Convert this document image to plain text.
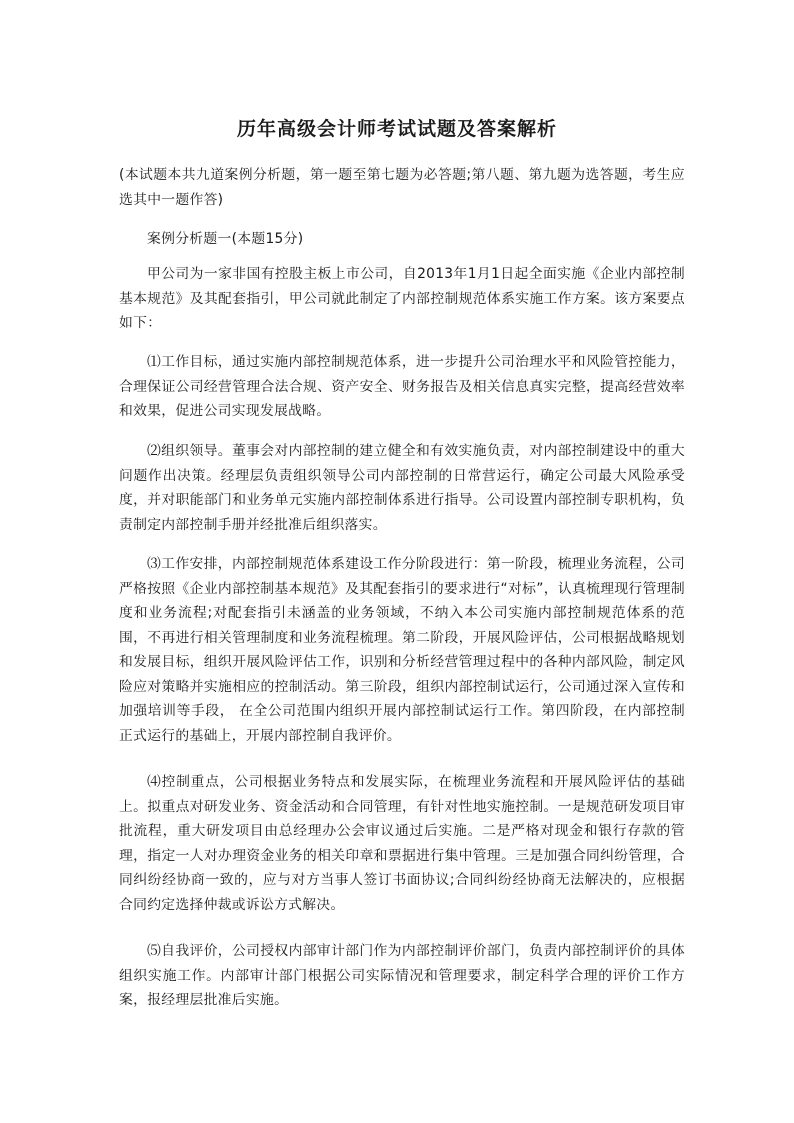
历年高级会计师考试试题及答案解析

(本试题本共九道案例分析题，第一题至第七题为必答题;第八题、第九题为选答题，考生应选其中一题作答)

案例分析题一(本题15分)

甲公司为一家非国有控股主板上市公司，自2013年1月1日起全面实施《企业内部控制基本规范》及其配套指引，甲公司就此制定了内部控制规范体系实施工作方案。该方案要点如下：

⑴工作目标，通过实施内部控制规范体系，进一步提升公司治理水平和风险管控能力，合理保证公司经营管理合法合规、资产安全、财务报告及相关信息真实完整，提高经营效率和效果，促进公司实现发展战略。

⑵组织领导。董事会对内部控制的建立健全和有效实施负责，对内部控制建设中的重大问题作出决策。经理层负责组织领导公司内部控制的日常营运行，确定公司最大风险承受度，并对职能部门和业务单元实施内部控制体系进行指导。公司设置内部控制专职机构，负责制定内部控制手册并经批准后组织落实。

⑶工作安排，内部控制规范体系建设工作分阶段进行：第一阶段，梳理业务流程，公司严格按照《企业内部控制基本规范》及其配套指引的要求进行“对标”，认真梳理现行管理制度和业务流程;对配套指引未涵盖的业务领域，不纳入本公司实施内部控制规范体系的范围，不再进行相关管理制度和业务流程梳理。第二阶段，开展风险评估，公司根据战略规划和发展目标，组织开展风险评估工作，识别和分析经营管理过程中的各种内部风险，制定风险应对策略并实施相应的控制活动。第三阶段，组织内部控制试运行，公司通过深入宣传和加强培训等手段， 在全公司范围内组织开展内部控制试运行工作。第四阶段，在内部控制正式运行的基础上，开展内部控制自我评价。

⑷控制重点，公司根据业务特点和发展实际，在梳理业务流程和开展风险评估的基础上。拟重点对研发业务、资金活动和合同管理，有针对性地实施控制。一是规范研发项目审批流程，重大研发项目由总经理办公会审议通过后实施。二是严格对现金和银行存款的管理，指定一人对办理资金业务的相关印章和票据进行集中管理。三是加强合同纠纷管理，合同纠纷经协商一致的，应与对方当事人签订书面协议;合同纠纷经协商无法解决的，应根据合同约定选择仲裁或诉讼方式解决。

⑸自我评价，公司授权内部审计部门作为内部控制评价部门，负责内部控制评价的具体组织实施工作。内部审计部门根据公司实际情况和管理要求，制定科学合理的评价工作方案，报经理层批准后实施。
